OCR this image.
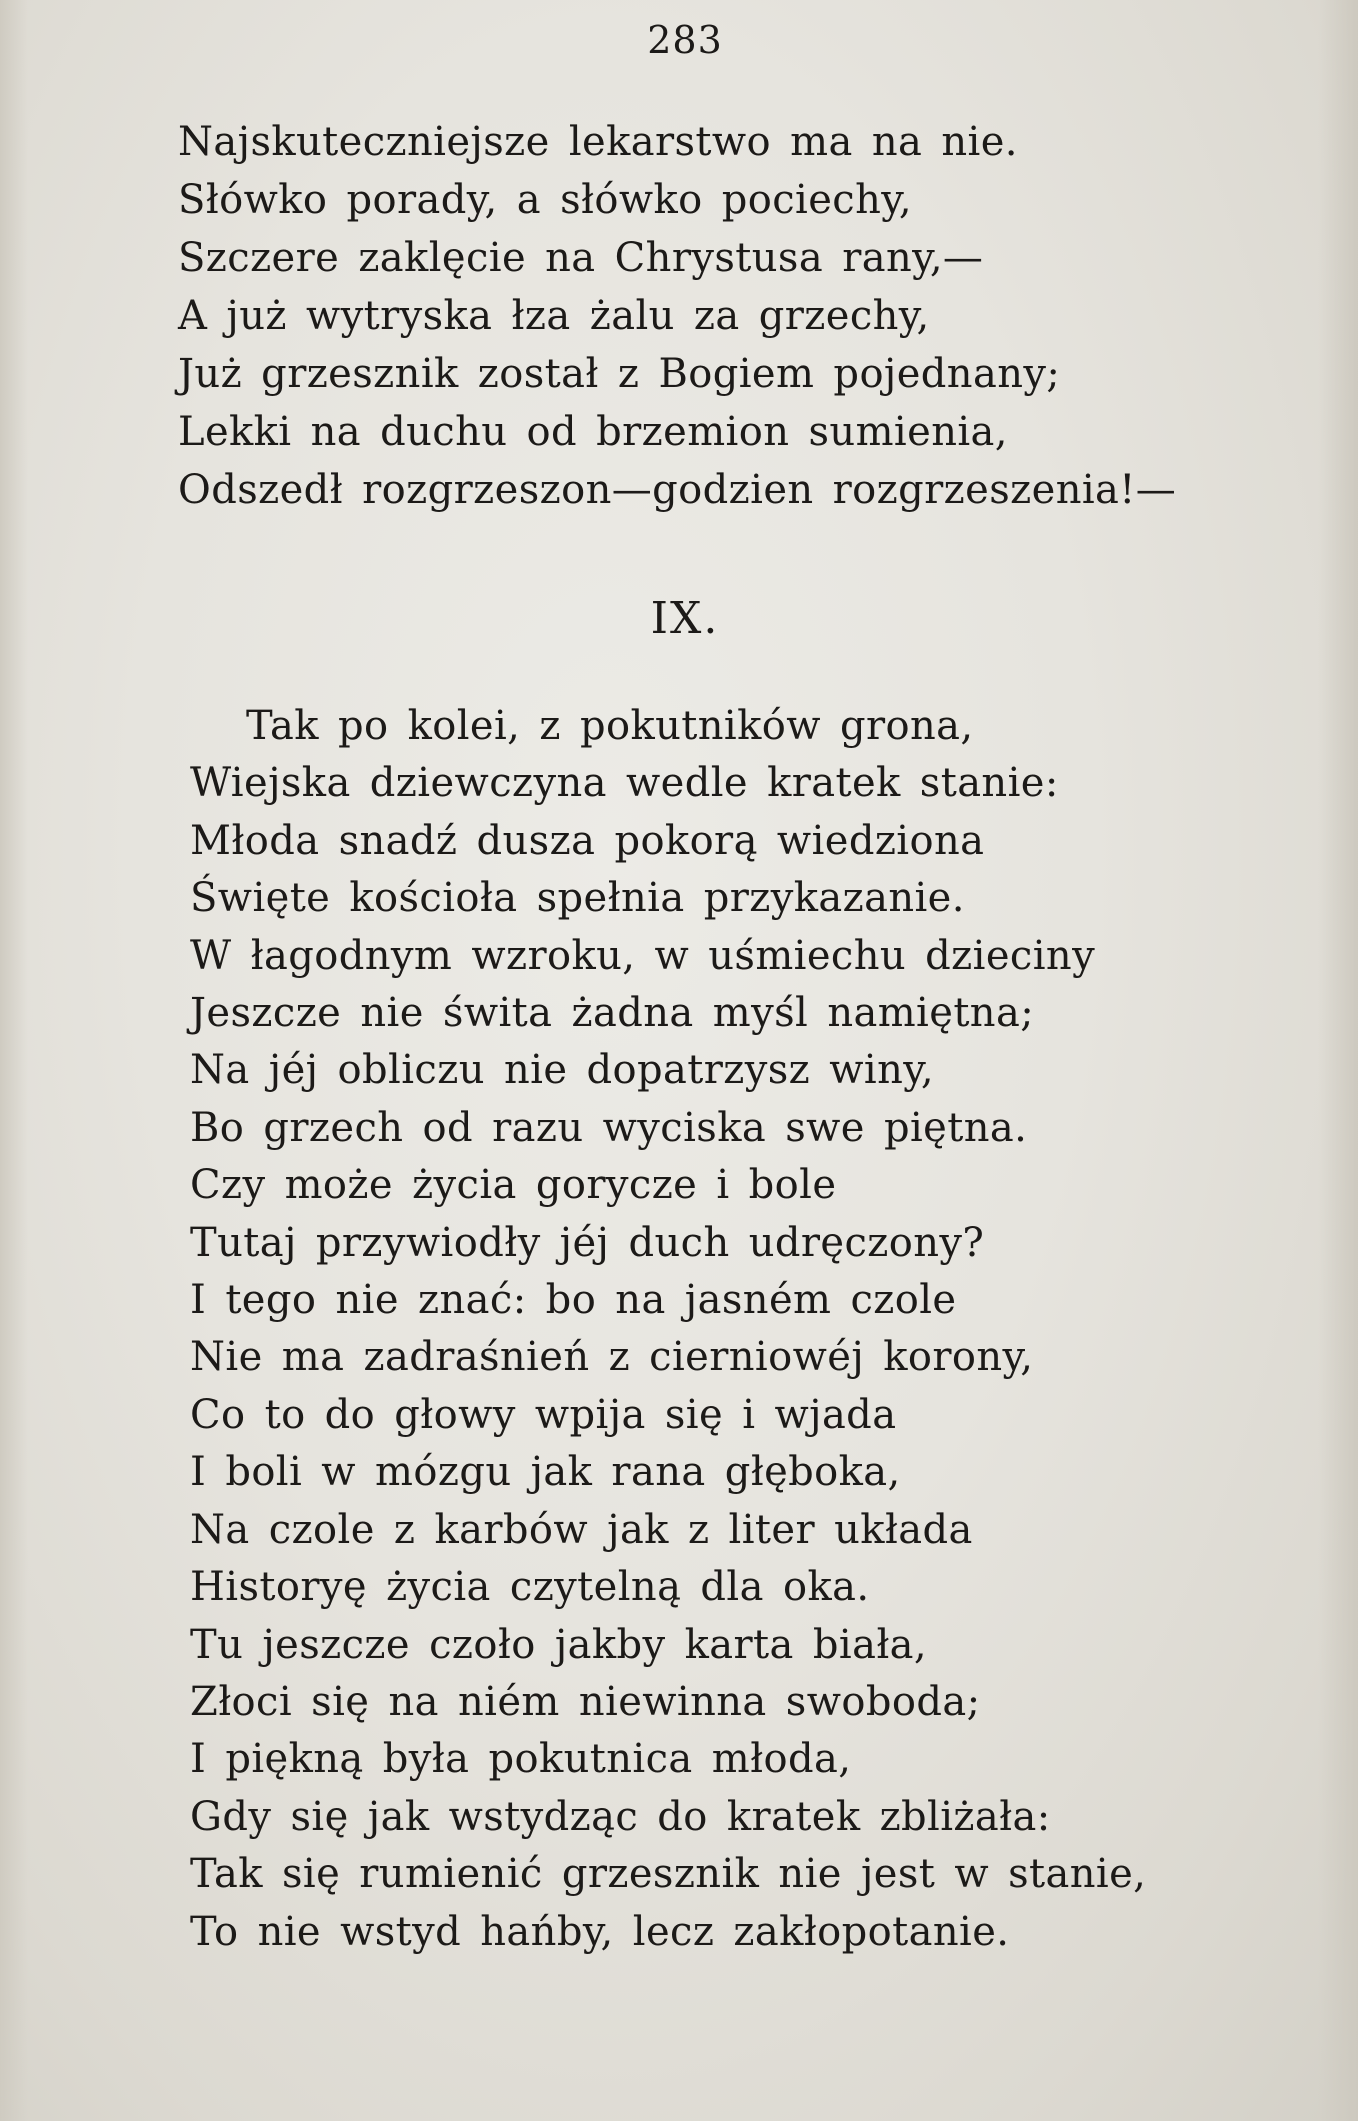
283
Najskuteczniejsze lekarstwo ma na nie.
Słówko porady, a słówko pociechy,
Szczere zaklęcie na Chrystusa rany,—
A już wytryska łza żalu za grzechy,
Już grzesznik został z Bogiem pojednany;
Lekki na duchu od brzemion sumienia,
Odszedł rozgrzeszon—godzien rozgrzeszenia!—
IX.
Tak po kolei, z pokutników grona,
Wiejska dziewczyna wedle kratek stanie:
Młoda snadź dusza pokorą wiedziona
Święte kościoła spełnia przykazanie.
W łagodnym wzroku, w uśmiechu dzieciny
Jeszcze nie świta żadna myśl namiętna;
Na jéj obliczu nie dopatrzysz winy,
Bo grzech od razu wyciska swe piętna.
Czy może życia gorycze i bole
Tutaj przywiodły jéj duch udręczony?
I tego nie znać: bo na jasném czole
Nie ma zadraśnień z cierniowéj korony,
Co to do głowy wpija się i wjada
I boli w mózgu jak rana głęboka,
Na czole z karbów jak z liter układa
Historyę życia czytelną dla oka.
Tu jeszcze czoło jakby karta biała,
Złoci się na niém niewinna swoboda;
I piękną była pokutnica młoda,
Gdy się jak wstydząc do kratek zbliżała:
Tak się rumienić grzesznik nie jest w stanie,
To nie wstyd hańby, lecz zakłopotanie.
